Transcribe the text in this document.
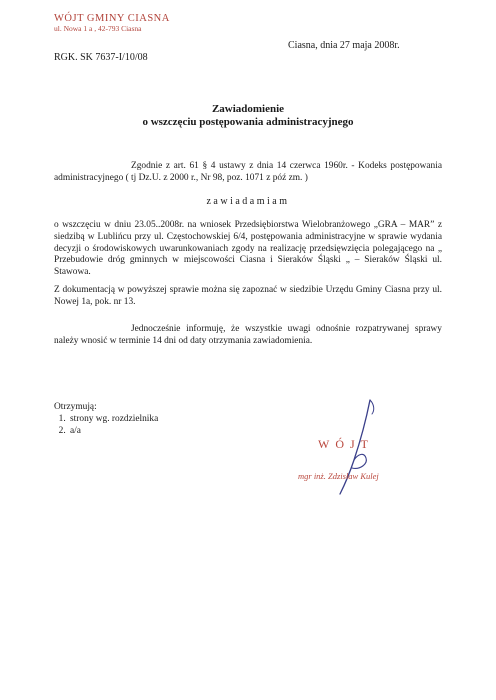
WÓJT GMINY CIASNA
ul. Nowa 1 a , 42-793 Ciasna
Ciasna, dnia 27 maja 2008r.
RGK. SK 7637-I/10/08
Zawiadomienie
o wszczęciu postępowania administracyjnego
Zgodnie z art. 61 § 4 ustawy z dnia 14 czerwca 1960r. - Kodeks postępowania administracyjnego ( tj Dz.U. z 2000 r., Nr 98, poz. 1071 z póź zm. )
zawiadamiam
o wszczęciu w dniu 23.05..2008r. na wniosek Przedsiębiorstwa Wielobranżowego „GRA – MAR” z siedzibą w Lublińcu przy ul. Częstochowskiej 6/4, postępowania administracyjne w sprawie wydania decyzji o środowiskowych uwarunkowaniach zgody na realizację przedsięwzięcia polegającego na „ Przebudowie dróg gminnych w miejscowości Ciasna i Sieraków Śląski „ – Sieraków Śląski ul. Stawowa.
Z dokumentacją w powyższej sprawie można się zapoznać w siedzibie Urzędu Gminy Ciasna przy ul. Nowej 1a, pok. nr 13.
Jednocześnie informuję, że wszystkie uwagi odnośnie rozpatrywanej sprawy należy wnosić w terminie 14 dni od daty otrzymania zawiadomienia.
Otrzymują:
1. strony wg. rozdzielnika
2. a/a
WÓJT
mgr inż. Zdzisław Kulej
